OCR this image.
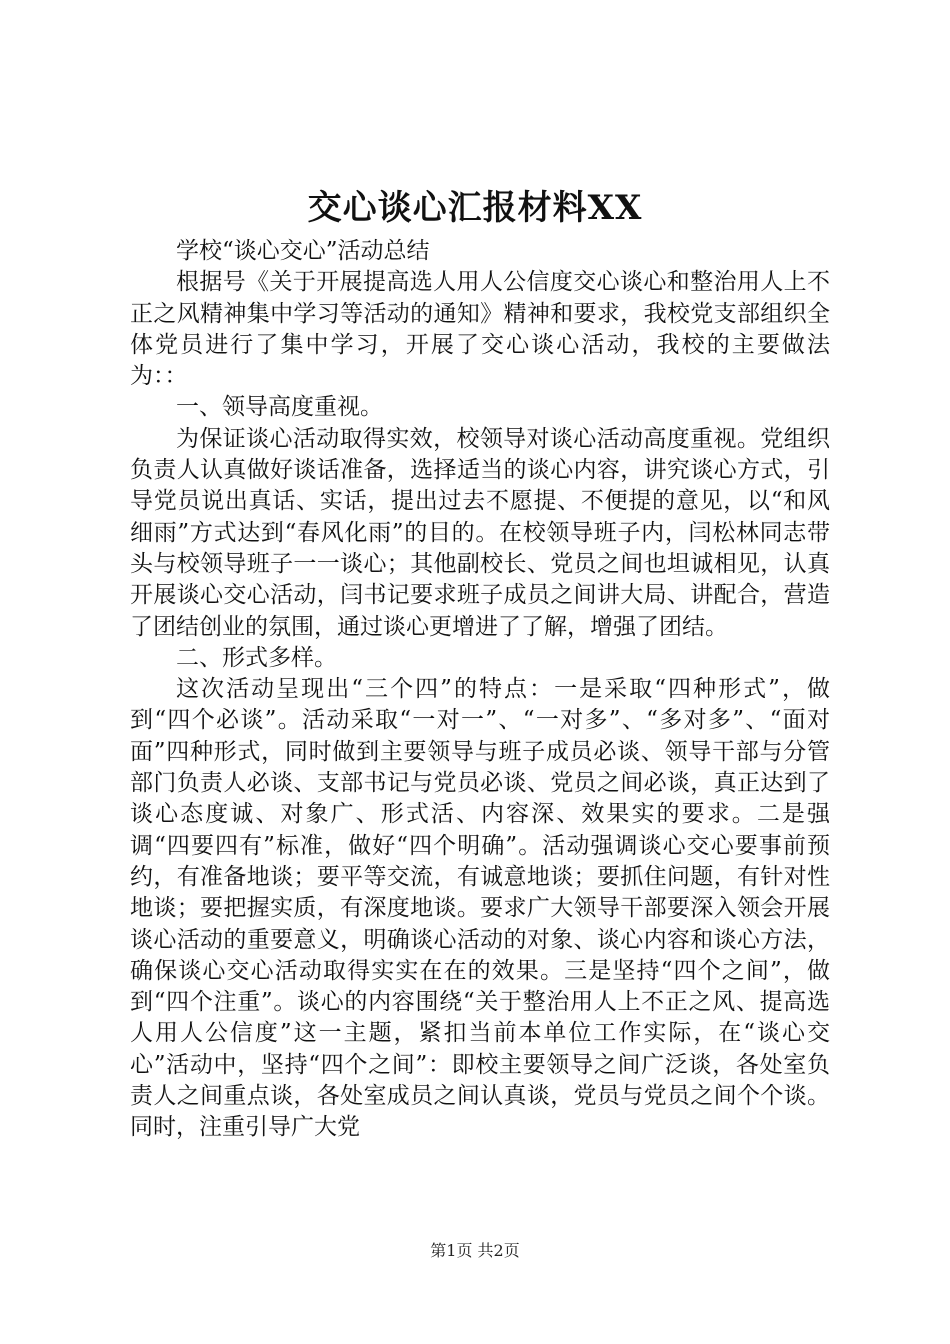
交心谈心汇报材料XX

学校“谈心交心”活动总结

根据号《关于开展提高选人用人公信度交心谈心和整治用人上不正之风精神集中学习等活动的通知》精神和要求，我校党支部组织全体党员进行了集中学习，开展了交心谈心活动，我校的主要做法为：：

一、领导高度重视。

为保证谈心活动取得实效，校领导对谈心活动高度重视。党组织负责人认真做好谈话准备，选择适当的谈心内容，讲究谈心方式，引导党员说出真话、实话，提出过去不愿提、不便提的意见，以“和风细雨”方式达到“春风化雨”的目的。在校领导班子内，闫松林同志带头与校领导班子一一谈心；其他副校长、党员之间也坦诚相见，认真开展谈心交心活动，闫书记要求班子成员之间讲大局、讲配合，营造了团结创业的氛围，通过谈心更增进了了解，增强了团结。

二、形式多样。

这次活动呈现出“三个四”的特点：一是采取“四种形式”，做到“四个必谈”。活动采取“一对一”、“一对多”、“多对多”、“面对面”四种形式，同时做到主要领导与班子成员必谈、领导干部与分管部门负责人必谈、支部书记与党员必谈、党员之间必谈，真正达到了谈心态度诚、对象广、形式活、内容深、效果实的要求。二是强调“四要四有”标准，做好“四个明确”。活动强调谈心交心要事前预约，有准备地谈；要平等交流，有诚意地谈；要抓住问题，有针对性地谈；要把握实质，有深度地谈。要求广大领导干部要深入领会开展谈心活动的重要意义，明确谈心活动的对象、谈心内容和谈心方法，确保谈心交心活动取得实实在在的效果。三是坚持“四个之间”，做到“四个注重”。谈心的内容围绕“关于整治用人上不正之风、提高选人用人公信度”这一主题，紧扣当前本单位工作实际，在“谈心交心”活动中，坚持“四个之间”：即校主要领导之间广泛谈，各处室负责人之间重点谈，各处室成员之间认真谈，党员与党员之间个个谈。同时，注重引导广大党

第1页 共2页
